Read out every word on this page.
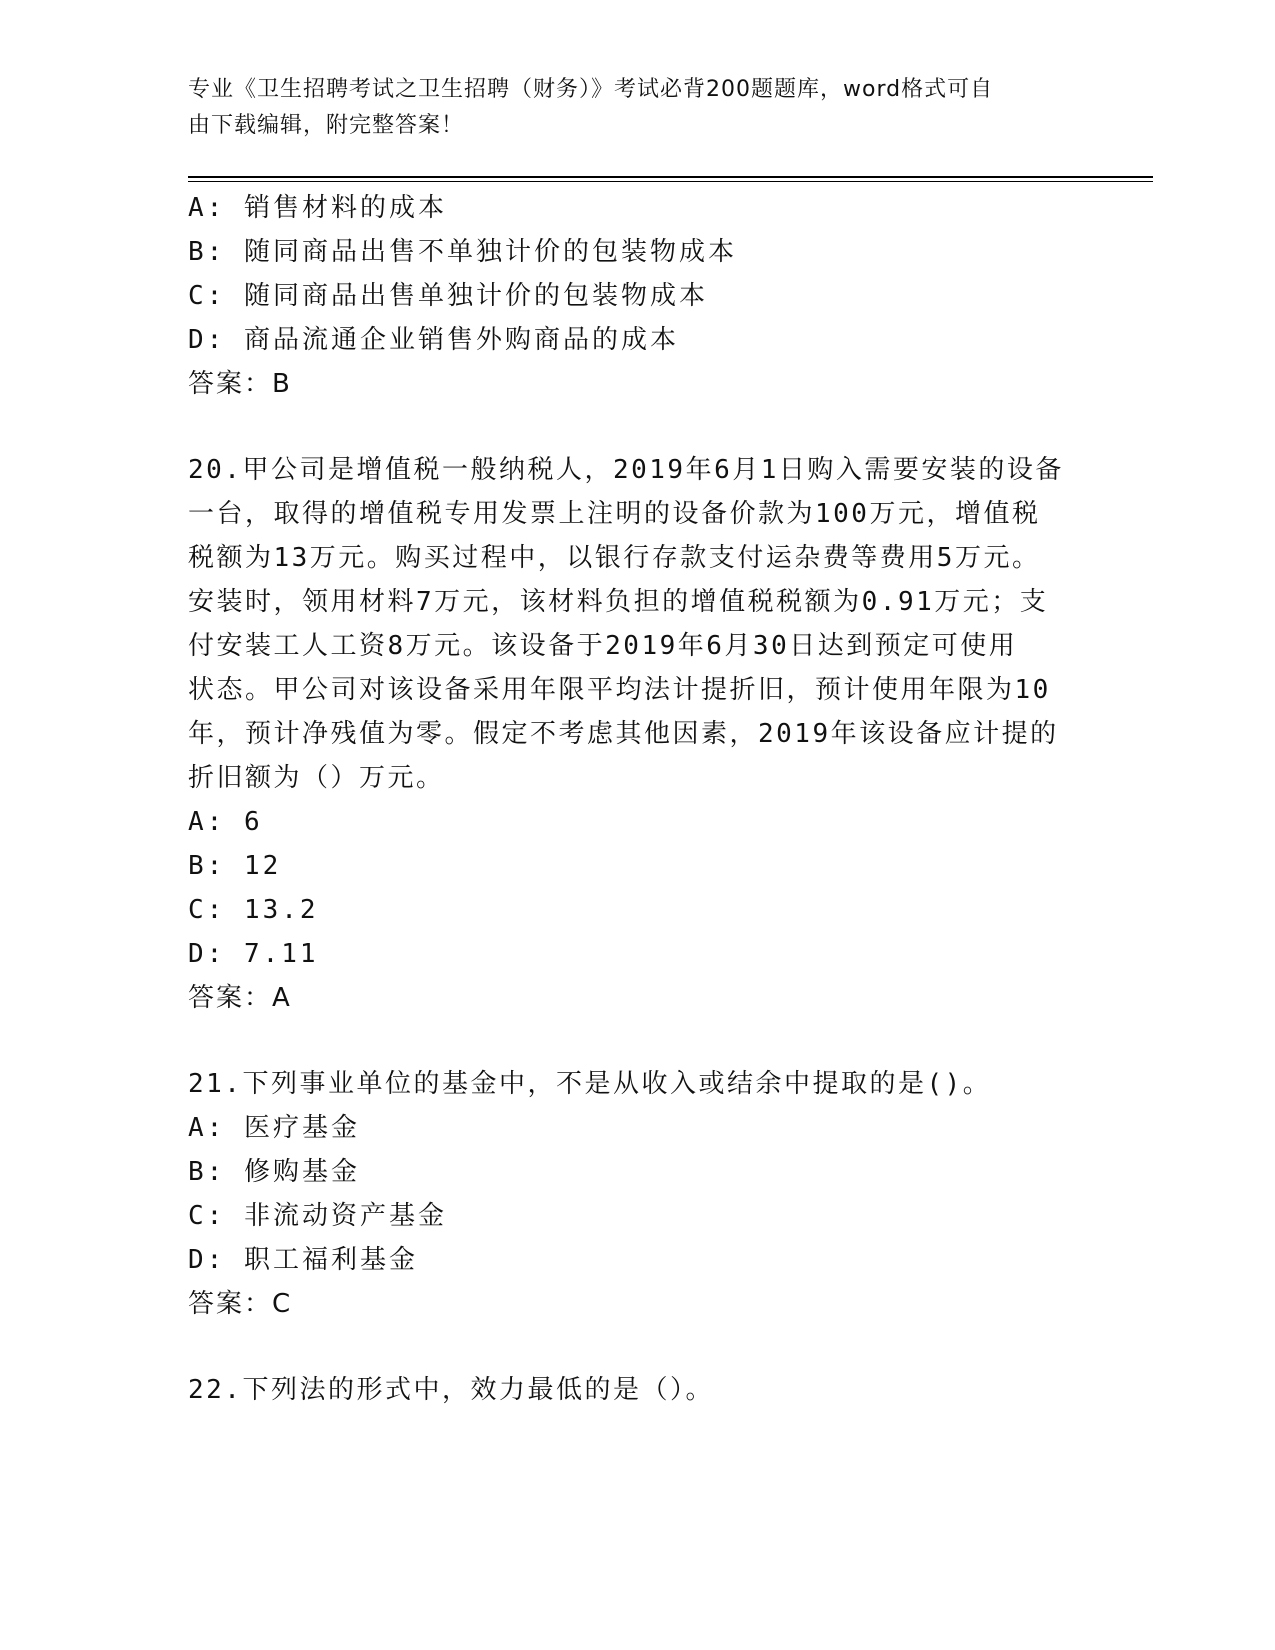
专业《卫生招聘考试之卫生招聘（财务）》考试必背200题题库，word格式可自
由下载编辑，附完整答案！
A: 销售材料的成本
B: 随同商品出售不单独计价的包装物成本
C: 随同商品出售单独计价的包装物成本
D: 商品流通企业销售外购商品的成本
答案：B
20.甲公司是增值税一般纳税人，2019年6月1日购入需要安装的设备
一台，取得的增值税专用发票上注明的设备价款为100万元，增值税
税额为13万元。购买过程中，以银行存款支付运杂费等费用5万元。
安装时，领用材料7万元，该材料负担的增值税税额为0.91万元；支
付安装工人工资8万元。该设备于2019年6月30日达到预定可使用
状态。甲公司对该设备采用年限平均法计提折旧，预计使用年限为10
年，预计净残值为零。假定不考虑其他因素，2019年该设备应计提的
折旧额为（）万元。
A: 6
B: 12
C: 13.2
D: 7.11
答案：A
21.下列事业单位的基金中，不是从收入或结余中提取的是()。
A: 医疗基金
B: 修购基金
C: 非流动资产基金
D: 职工福利基金
答案：C
22.下列法的形式中，效力最低的是（）。
